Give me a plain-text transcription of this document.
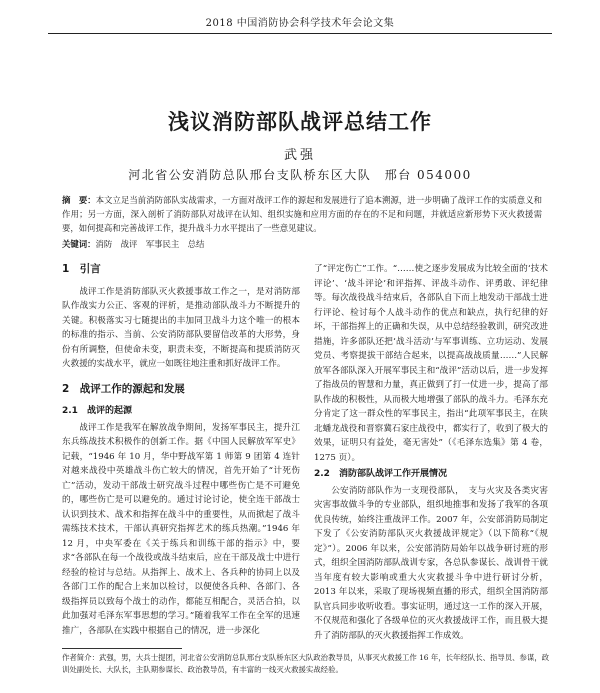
2018 中国消防协会科学技术年会论文集
浅议消防部队战评总结工作
武强
河北省公安消防总队邢台支队桥东区大队　邢台 054000
摘　要：本文立足当前消防部队实战需求，一方面对战评工作的源起和发展进行了追本溯源，进一步明确了战评工作的实质意义和作用；另一方面，深入剖析了消防部队对战评在认知、组织实施和应用方面的存在的不足和问题，并就适应新形势下灭火救援需要，如何提高和完善战评工作，提升战斗力水平提出了一些意见建议。
关键词：消防　战评　军事民主　总结
1　引言

战评工作是消防部队灭火救援事故工作之一，是对消防部队作战实力公正、客观的评析，是推动部队战斗力不断提升的关键。积极落实习七随提出的丰加同卫战斗力这个唯一的根本的标准的指示、当前、公安消防部队要留信改革的大形势，身份有所调整，但使命未变，职责未变，不断提高和提质消防灭火救援的实战水平，就应一如既往地注重和抓好战评工作。

2　战评工作的源起和发展
2.1　战评的起源

战评工作是我军在解放战争期间，发扬军事民主，提升江东兵练战技术积极作的创新工作。据《中国人民解放军军史》记载，“1946 年 10 月，华中野战军第 1 师第 9 团第 4 连针对越来战役中英雄战斗伤亡较大的情况，首先开始了“计死伤亡”活动，发动干部战士研究战斗过程中哪些伤亡是不可避免的，哪些伤亡是可以避免的。通过讨论讨论，使全连干部战士认识到技术、战术和指挥在战斗中的重要性，从而掀起了战斗需练技术技术，干部认真研究指挥艺术的练兵热潮。”1946 年 12 月，中央军委在《关于练兵和训练干部的指示》中，要求“各部队在每一个战役或战斗结束后，应在干部及战士中进行经验的检讨与总结。从指挥上、战术上、各兵种的协同上以及各部门工作的配合上来加以检讨，以便使各兵种、各部门、各级指挥员以致每个战士的动作，都能互相配合，灵活合拍，以此加强对毛泽东军事思想的学习。”随着我军工作在全军的迅速推广，各部队在实践中根据自己的情况，进一步深化

了“评定伤亡”工作。“……使之逐步发展成为比较全面的‘技术评论’、‘战斗评论’和评指挥、评战斗动作、评勇敢、评纪律等。每次战役战斗结束后，各部队自下而上地发动干部战士进行评论、检讨每个人战斗动作的优点和缺点，执行纪律的好坏，干部指挥上的正确和失误，从中总结经验教训，研究改进措施，许多部队还把‘战斗活动’与军事训练、立功运动、发展党员、考察提拔干部结合起来，以提高战战质量……”人民解放军各部队深入开展军事民主和“战评”活动以后，进一步发挥了指战员的智慧和力量，真正做到了打一仗进一步，提高了部队作战的积极性，从而极大地增强了部队的战斗力。毛泽东充分肯定了这一群众性的军事民主，指出“此项军事民主，在陕北蟠龙战役和晋察冀石家庄战役中，都实行了，收到了极大的效果，证明只有益处，毫无害处”（《毛泽东选集》第 4 卷，1275 页）。

2.2　消防部队战评工作开展情况

公安消防部队作为一支现役部队，　支与火灾及各类灾害灾害事故做斗争的专业部队，组织地推事和发扬了我军的各项优良传统，始终注重战评工作。2007 年，公安部消防局制定下发了《公安消防部队灭火救援战评规定》（以下简称“《规定》”）。2006 年以来，公安部消防局始年以战争研讨班的形式，组织全国消防部队战训专家，各总队参谋长、战训骨干就当年度有较大影响或重大火灾救援斗争中进行研讨分析，2013 年以来，采取了现场视频直播的形式，组织全国消防部队官兵同步收听收看。事实证明，通过这一工作的深入开展，不仅规范和强化了各级单位的灭火救援战评工作，而且极大提升了消防部队的灭火救援指挥工作成效。

作者简介：武强，男，大兵士提团，河北省公安消防总队邢台支队桥东区大队政治教导员，从事灭火救援工作 16 年，长年经队长、指导员、参谋，政训处副处长、大队长，主队期参谋长、政治教导员，有丰富的一线灭火救援实战经验。
